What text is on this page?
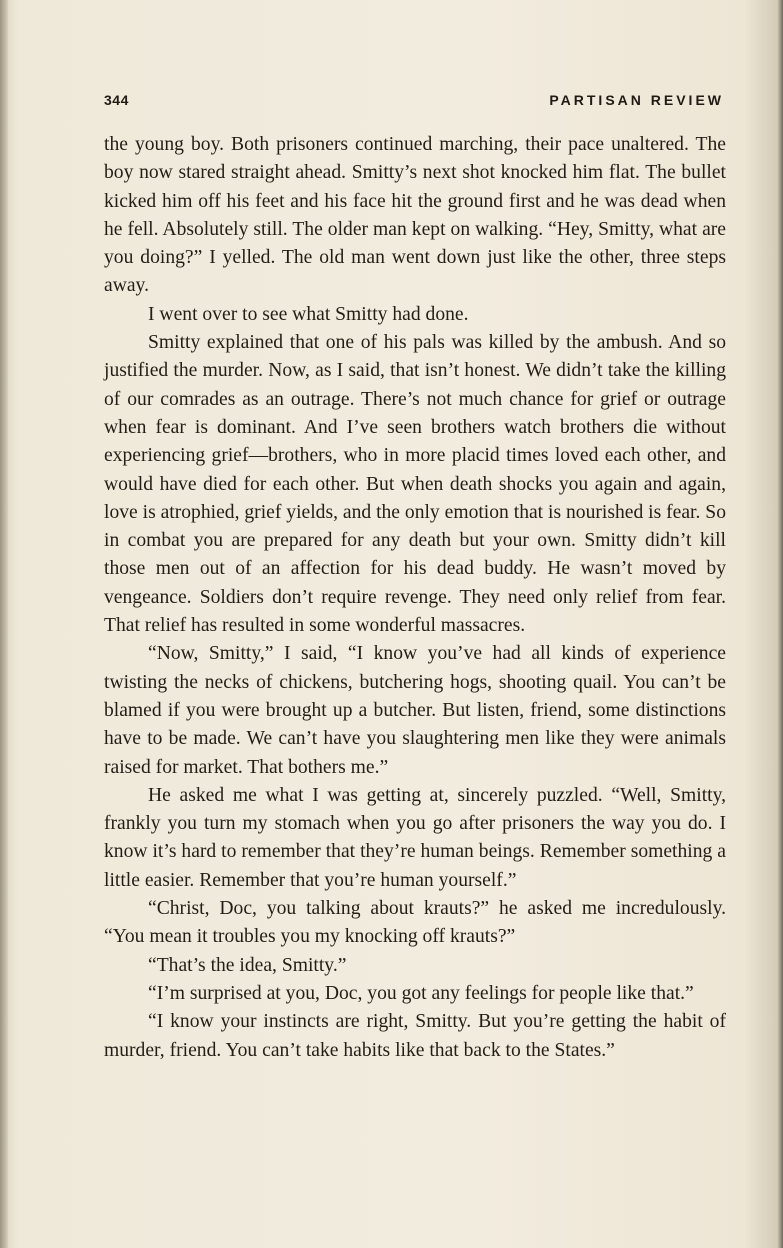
344	PARTISAN REVIEW

the young boy. Both prisoners continued marching, their pace unaltered. The boy now stared straight ahead. Smitty’s next shot knocked him flat. The bullet kicked him off his feet and his face hit the ground first and he was dead when he fell. Absolutely still. The older man kept on walking. “Hey, Smitty, what are you doing?” I yelled. The old man went down just like the other, three steps away.

I went over to see what Smitty had done.

Smitty explained that one of his pals was killed by the ambush. And so justified the murder. Now, as I said, that isn’t honest. We didn’t take the killing of our comrades as an outrage. There’s not much chance for grief or outrage when fear is dominant. And I’ve seen brothers watch brothers die without experiencing grief—brothers, who in more placid times loved each other, and would have died for each other. But when death shocks you again and again, love is atrophied, grief yields, and the only emotion that is nourished is fear. So in combat you are prepared for any death but your own. Smitty didn’t kill those men out of an affection for his dead buddy. He wasn’t moved by vengeance. Soldiers don’t require revenge. They need only relief from fear. That relief has resulted in some wonderful massacres.

“Now, Smitty,” I said, “I know you’ve had all kinds of experience twisting the necks of chickens, butchering hogs, shooting quail. You can’t be blamed if you were brought up a butcher. But listen, friend, some distinctions have to be made. We can’t have you slaughtering men like they were animals raised for market. That bothers me.”

He asked me what I was getting at, sincerely puzzled. “Well, Smitty, frankly you turn my stomach when you go after prisoners the way you do. I know it’s hard to remember that they’re human beings. Remember something a little easier. Remember that you’re human yourself.”

“Christ, Doc, you talking about krauts?” he asked me incredulously. “You mean it troubles you my knocking off krauts?”

“That’s the idea, Smitty.”

“I’m surprised at you, Doc, you got any feelings for people like that.”

“I know your instincts are right, Smitty. But you’re getting the habit of murder, friend. You can’t take habits like that back to the States.”
